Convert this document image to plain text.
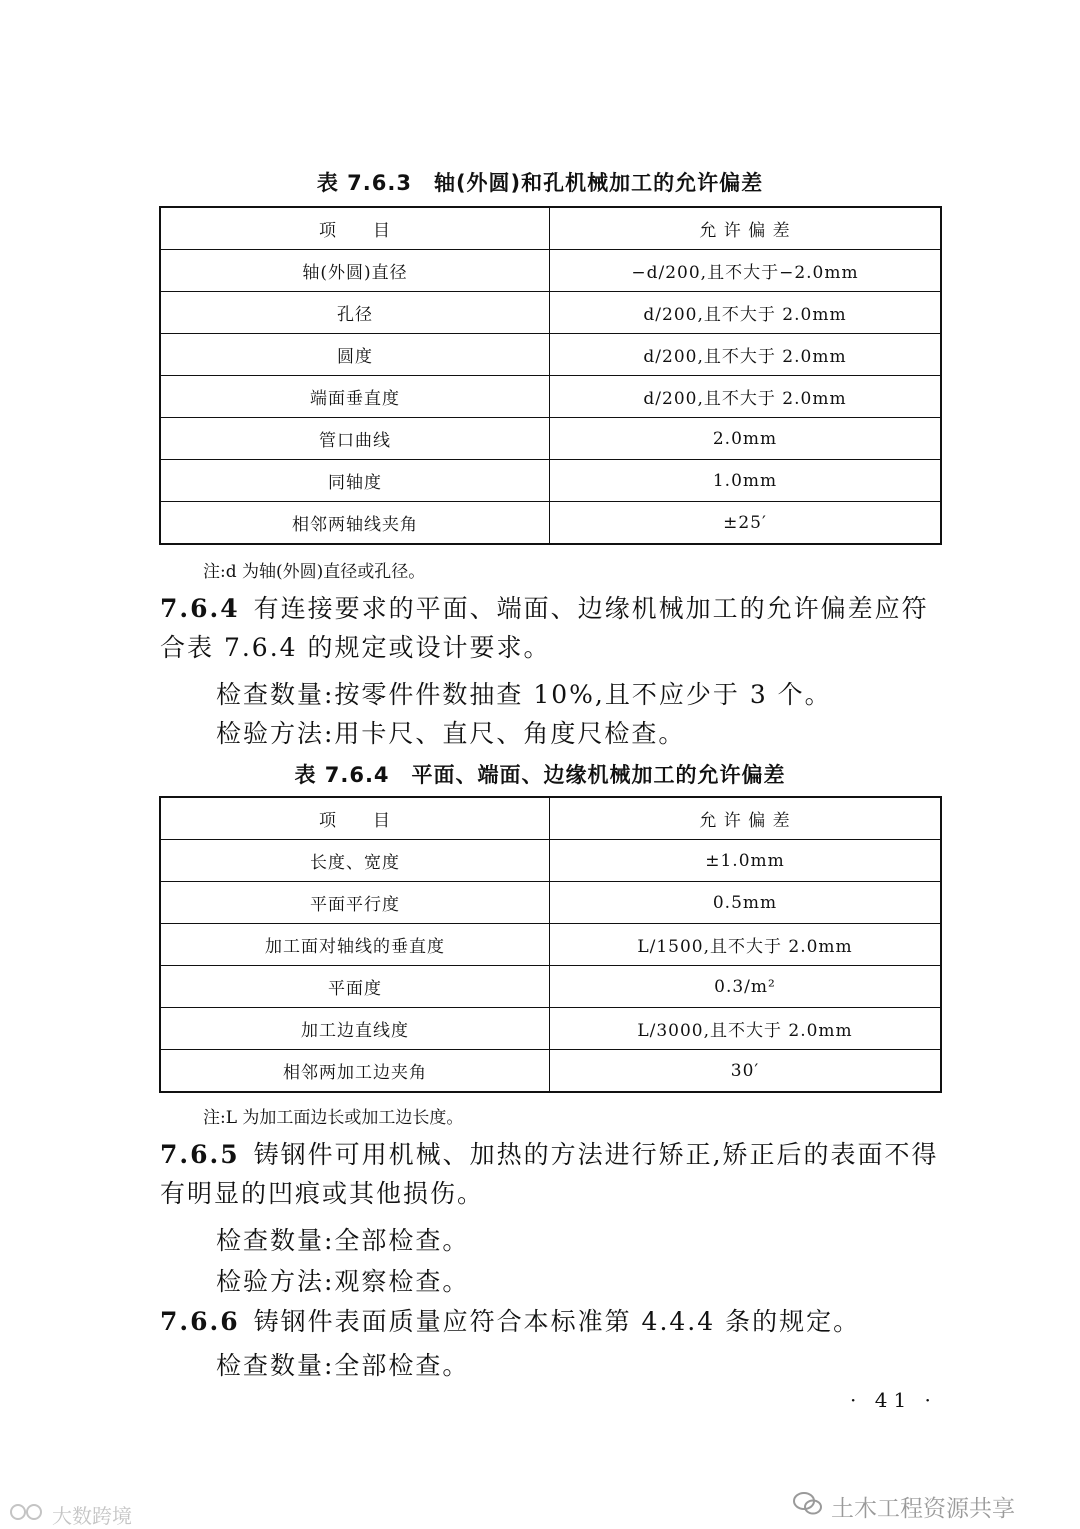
表 7.6.3　轴(外圆)和孔机械加工的允许偏差
项　　目	允 许 偏 差
轴(外圆)直径	−d/200,且不大于−2.0mm
孔径	d/200,且不大于 2.0mm
圆度	d/200,且不大于 2.0mm
端面垂直度	d/200,且不大于 2.0mm
管口曲线	2.0mm
同轴度	1.0mm
相邻两轴线夹角	±25′
注:d 为轴(外圆)直径或孔径。
7.6.4 有连接要求的平面、端面、边缘机械加工的允许偏差应符合表 7.6.4 的规定或设计要求。
检查数量:按零件件数抽查 10%,且不应少于 3 个。
检验方法:用卡尺、直尺、角度尺检查。
表 7.6.4　平面、端面、边缘机械加工的允许偏差
项　　目	允 许 偏 差
长度、宽度	±1.0mm
平面平行度	0.5mm
加工面对轴线的垂直度	L/1500,且不大于 2.0mm
平面度	0.3/m²
加工边直线度	L/3000,且不大于 2.0mm
相邻两加工边夹角	30′
注:L 为加工面边长或加工边长度。
7.6.5 铸钢件可用机械、加热的方法进行矫正,矫正后的表面不得有明显的凹痕或其他损伤。
检查数量:全部检查。
检验方法:观察检查。
7.6.6 铸钢件表面质量应符合本标准第 4.4.4 条的规定。
检查数量:全部检查。
· 41 ·
土木工程资源共享
大数跨境
